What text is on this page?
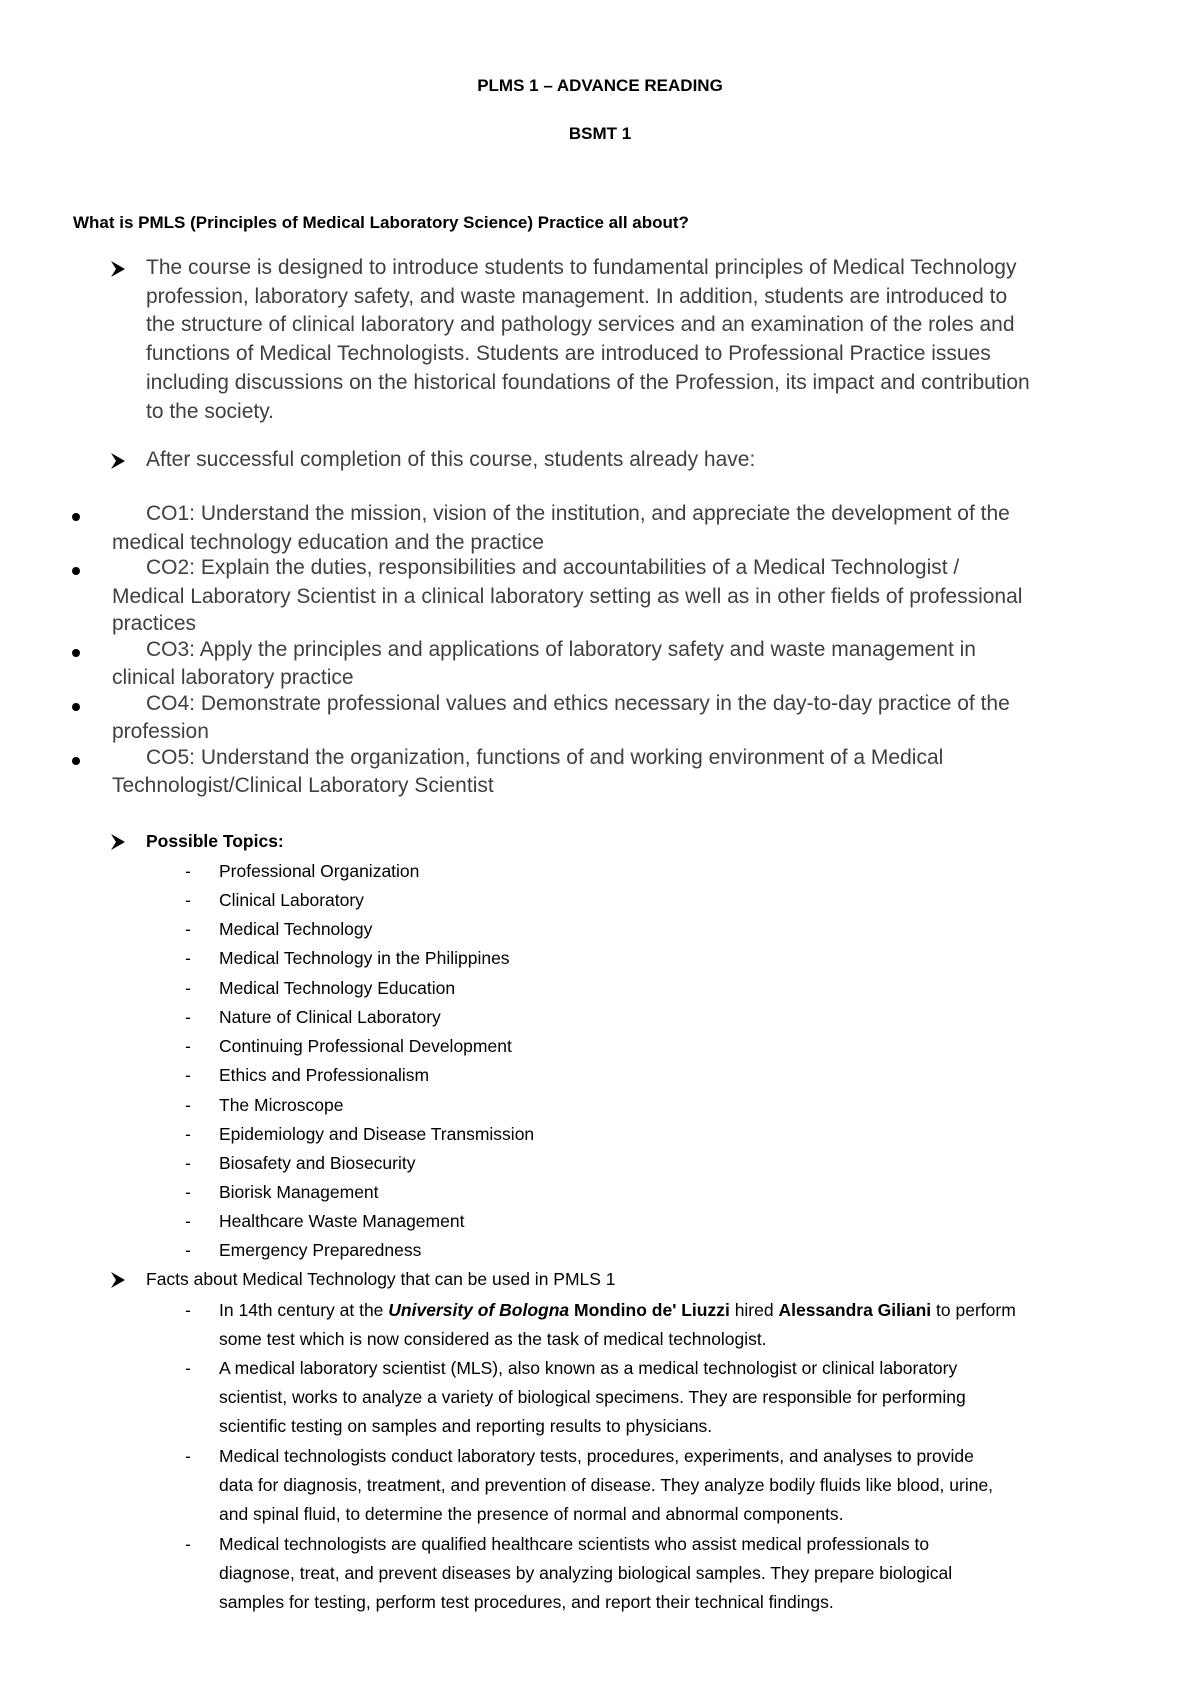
PLMS 1 – ADVANCE READING
BSMT 1
What is PMLS (Principles of Medical Laboratory Science) Practice all about?
The course is designed to introduce students to fundamental principles of Medical Technology
profession, laboratory safety, and waste management. In addition, students are introduced to
the structure of clinical laboratory and pathology services and an examination of the roles and
functions of Medical Technologists. Students are introduced to Professional Practice issues
including discussions on the historical foundations of the Profession, its impact and contribution
to the society.
After successful completion of this course, students already have:
CO1: Understand the mission, vision of the institution, and appreciate the development of the
medical technology education and the practice
CO2: Explain the duties, responsibilities and accountabilities of a Medical Technologist /
Medical Laboratory Scientist in a clinical laboratory setting as well as in other fields of professional
practices
CO3: Apply the principles and applications of laboratory safety and waste management in
clinical laboratory practice
CO4: Demonstrate professional values and ethics necessary in the day-to-day practice of the
profession
CO5: Understand the organization, functions of and working environment of a Medical
Technologist/Clinical Laboratory Scientist
Possible Topics:
- Professional Organization
- Clinical Laboratory
- Medical Technology
- Medical Technology in the Philippines
- Medical Technology Education
- Nature of Clinical Laboratory
- Continuing Professional Development
- Ethics and Professionalism
- The Microscope
- Epidemiology and Disease Transmission
- Biosafety and Biosecurity
- Biorisk Management
- Healthcare Waste Management
- Emergency Preparedness
Facts about Medical Technology that can be used in PMLS 1
- In 14th century at the University of Bologna Mondino de' Liuzzi hired Alessandra Giliani to perform
some test which is now considered as the task of medical technologist.
- A medical laboratory scientist (MLS), also known as a medical technologist or clinical laboratory
scientist, works to analyze a variety of biological specimens. They are responsible for performing
scientific testing on samples and reporting results to physicians.
- Medical technologists conduct laboratory tests, procedures, experiments, and analyses to provide
data for diagnosis, treatment, and prevention of disease. They analyze bodily fluids like blood, urine,
and spinal fluid, to determine the presence of normal and abnormal components.
- Medical technologists are qualified healthcare scientists who assist medical professionals to
diagnose, treat, and prevent diseases by analyzing biological samples. They prepare biological
samples for testing, perform test procedures, and report their technical findings.
